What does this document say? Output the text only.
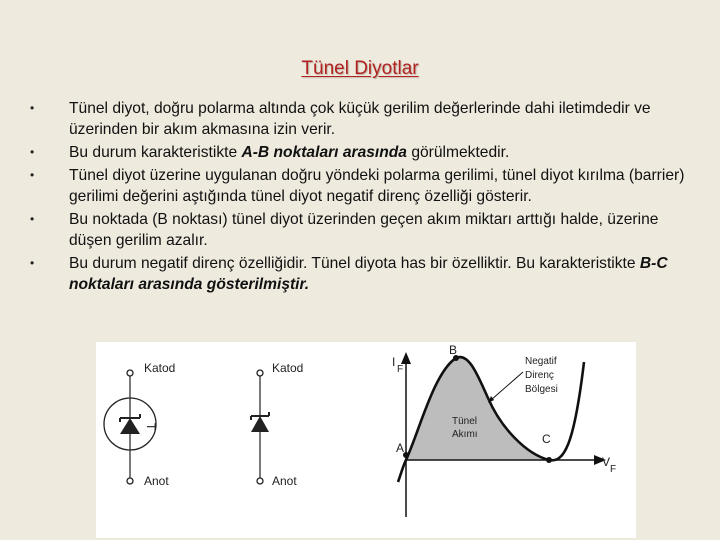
Tünel Diyotlar
• Tünel diyot, doğru polarma altında çok küçük gerilim değerlerinde dahi iletimdedir ve üzerinden bir akım akmasına izin verir.
• Bu durum karakteristikte A-B noktaları arasında görülmektedir.
• Tünel diyot üzerine uygulanan doğru yöndeki polarma gerilimi, tünel diyot kırılma (barrier) gerilimi değerini aştığında tünel diyot negatif direnç özelliği gösterir.
• Bu noktada (B noktası) tünel diyot üzerinden geçen akım miktarı arttığı halde, üzerine düşen gerilim azalır.
• Bu durum negatif direnç özelliğidir. Tünel diyota has bir özelliktir. Bu karakteristikte B-C noktaları arasında gösterilmiştir.
Katod
T
Anot
Katod
Anot
I
F
V
F
A
B
C
Negatif
Direnç
Bölgesi
Tünel
Akımı
